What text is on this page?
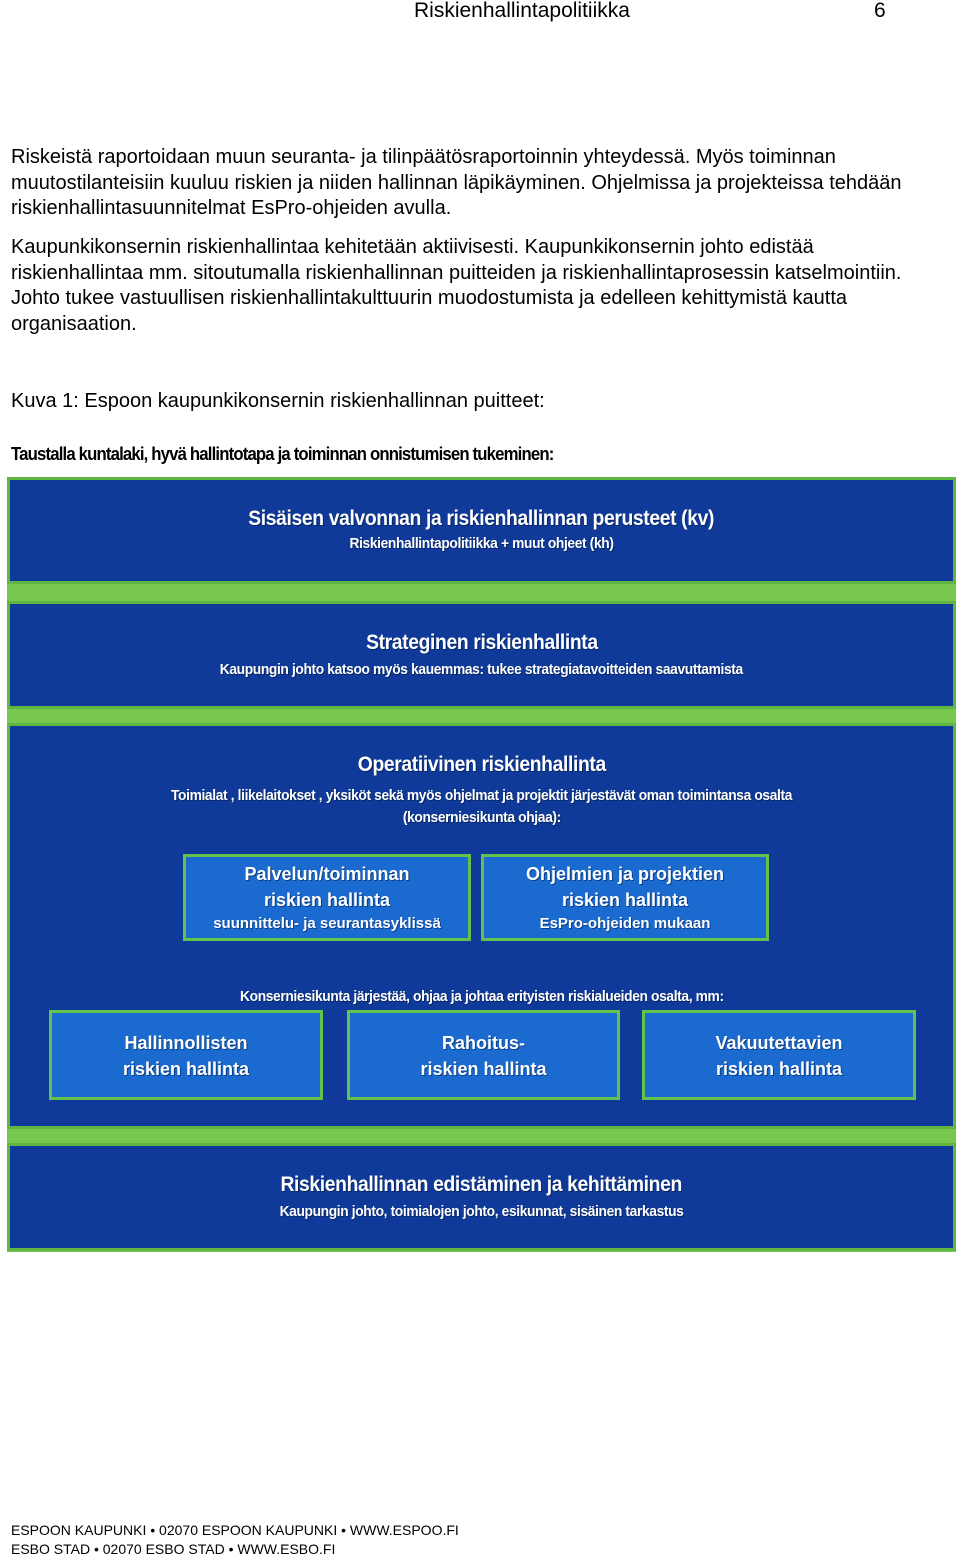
Riskienhallintapolitiikka	6

Riskeistä raportoidaan muun seuranta- ja tilinpäätösraportoinnin yhteydessä. Myös toiminnan muutostilanteisiin kuuluu riskien ja niiden hallinnan läpikäyminen. Ohjelmissa ja projekteissa tehdään riskienhallintasuunnitelmat EsPro-ohjeiden avulla.

Kaupunkikonsernin riskienhallintaa kehitetään aktiivisesti. Kaupunkikonsernin johto edistää riskienhallintaa mm. sitoutumalla riskienhallinnan puitteiden ja riskienhallintaprosessin katselmointiin. Johto tukee vastuullisen riskienhallintakulttuurin muodostumista ja edelleen kehittymistä kautta organisaation.

Kuva 1: Espoon kaupunkikonsernin riskienhallinnan puitteet:

Taustalla kuntalaki, hyvä hallintotapa ja toiminnan onnistumisen tukeminen:
Sisäisen valvonnan ja riskienhallinnan perusteet (kv)
Riskienhallintapolitiikka + muut ohjeet (kh)
Strateginen riskienhallinta
Kaupungin johto katsoo myös kauemmas: tukee strategiatavoitteiden saavuttamista
Operatiivinen riskienhallinta
Toimialat , liikelaitokset , yksiköt sekä myös ohjelmat ja projektit järjestävät oman toimintansa osalta
(konserniesikunta ohjaa):
Konserniesikunta järjestää, ohjaa ja johtaa erityisten riskialueiden osalta, mm:
Riskienhallinnan edistäminen ja kehittäminen
Kaupungin johto, toimialojen johto, esikunnat, sisäinen tarkastus
Palvelun/toiminnan
riskien hallinta
suunnittelu- ja seurantasyklissä
Ohjelmien ja projektien
riskien hallinta
EsPro-ohjeiden mukaan
Hallinnollisten
riskien hallinta
Rahoitus-
riskien hallinta
Vakuutettavien
riskien hallinta
ESPOON KAUPUNKI • 02070 ESPOON KAUPUNKI • WWW.ESPOO.FI
ESBO STAD • 02070 ESBO STAD • WWW.ESBO.FI
